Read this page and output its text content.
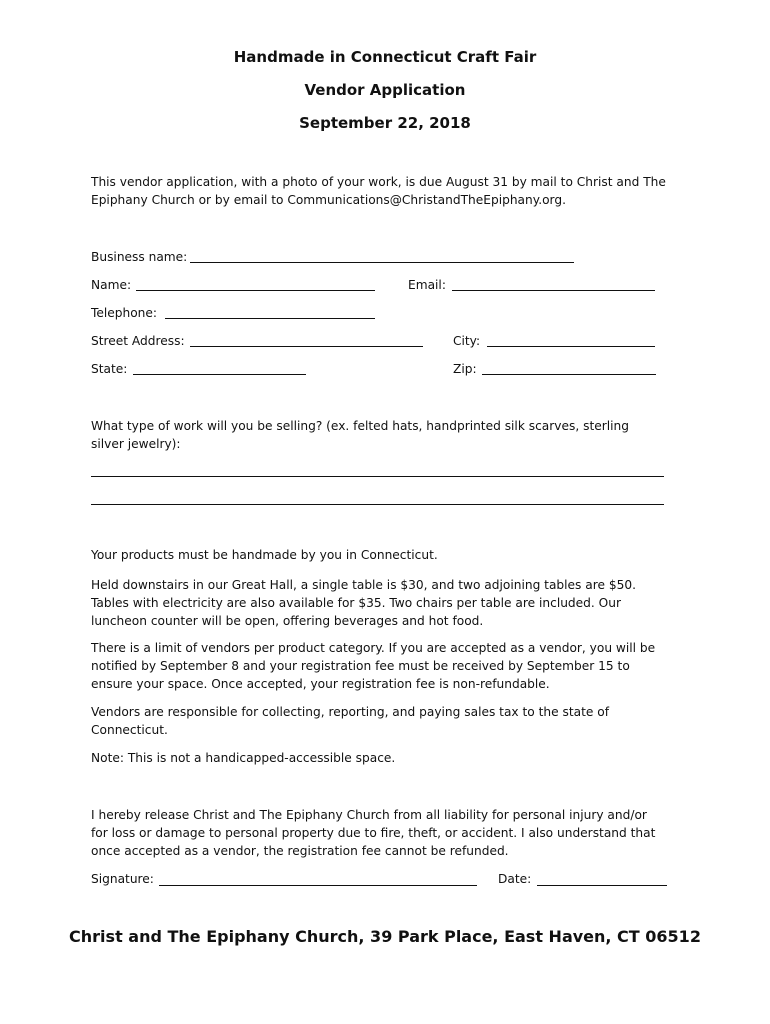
Handmade in Connecticut Craft Fair
Vendor Application
September 22, 2018
This vendor application, with a photo of your work, is due August 31 by mail to Christ and The
Epiphany Church or by email to Communications@ChristandTheEpiphany.org.
Business name:
Name:	Email:
Telephone:
Street Address:	City:
State:	Zip:
What type of work will you be selling? (ex. felted hats, handprinted silk scarves, sterling
silver jewelry):
Your products must be handmade by you in Connecticut.
Held downstairs in our Great Hall, a single table is $30, and two adjoining tables are $50.
Tables with electricity are also available for $35. Two chairs per table are included. Our
luncheon counter will be open, offering beverages and hot food.
There is a limit of vendors per product category. If you are accepted as a vendor, you will be
notified by September 8 and your registration fee must be received by September 15 to
ensure your space. Once accepted, your registration fee is non-refundable.
Vendors are responsible for collecting, reporting, and paying sales tax to the state of
Connecticut.
Note: This is not a handicapped-accessible space.
I hereby release Christ and The Epiphany Church from all liability for personal injury and/or
for loss or damage to personal property due to fire, theft, or accident. I also understand that
once accepted as a vendor, the registration fee cannot be refunded.
Signature:	Date:
Christ and The Epiphany Church, 39 Park Place, East Haven, CT 06512
